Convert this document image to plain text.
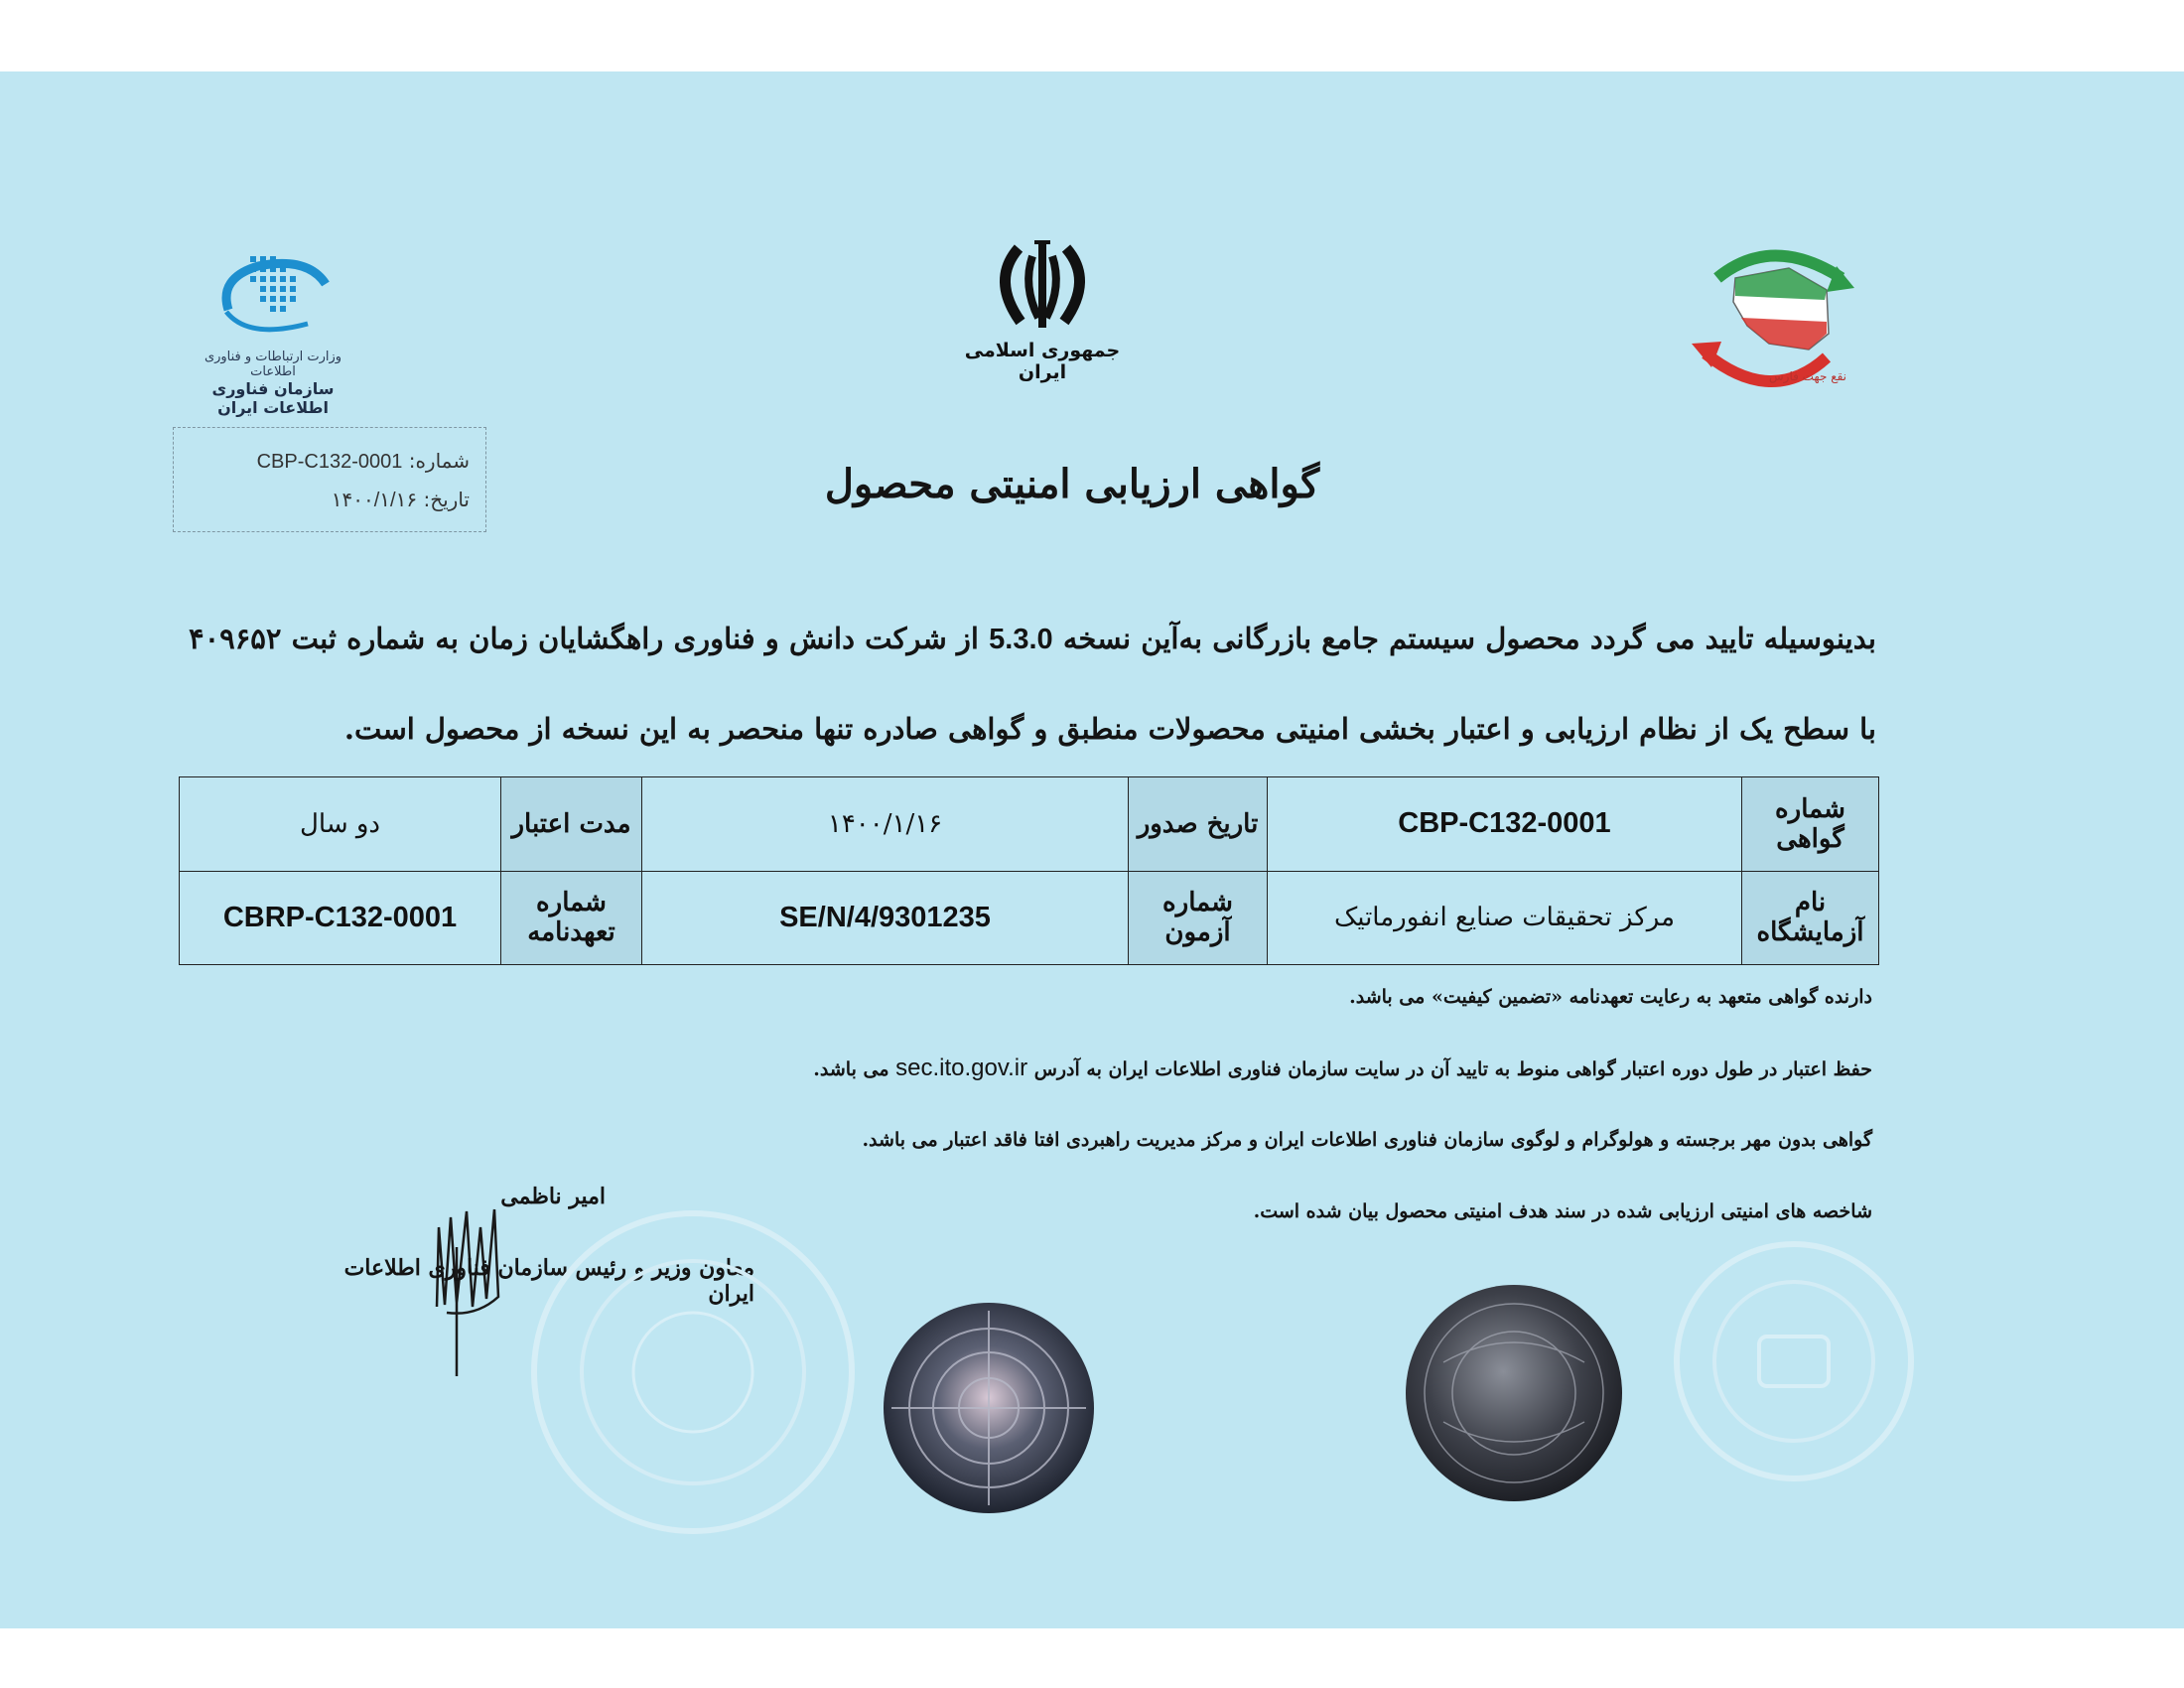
وزارت ارتباطات و فناوری اطلاعات
سازمان فناوری اطلاعات ایران
جمهوری اسلامی ایران	نقع جهت فارس
شماره: CBP-C132-0001
تاریخ: ۱۴۰۰/۱/۱۶	گواهی ارزیابی امنیتی محصول
بدینوسیله تایید می گردد محصول سیستم جامع بازرگانی به‌آین نسخه 5.3.0 از شرکت دانش و فناوری راهگشایان زمان به شماره ثبت ۴۰۹۶۵۲ با سطح یک از نظام ارزیابی و اعتبار بخشی امنیتی محصولات منطبق و گواهی صادره تنها منحصر به این نسخه از محصول است.
شماره گواهی	CBP-C132-0001	تاریخ صدور	۱۴۰۰/۱/۱۶	مدت اعتبار	دو سال
نام آزمایشگاه	مرکز تحقیقات صنایع انفورماتیک	شماره آزمون	9301235/SE/N/4	شماره تعهدنامه	CBRP-C132-0001
دارنده گواهی متعهد به رعایت تعهدنامه «تضمین کیفیت» می باشد.
حفظ اعتبار در طول دوره اعتبار گواهی منوط به تایید آن در سایت سازمان فناوری اطلاعات ایران به آدرس sec.ito.gov.ir می باشد.
گواهی بدون مهر برجسته و هولوگرام و لوگوی سازمان فناوری اطلاعات ایران و مرکز مدیریت راهبردی افتا فاقد اعتبار می باشد.
شاخصه های امنیتی ارزیابی شده در سند هدف امنیتی محصول بیان شده است.
امیر ناظمی
معاون وزیر و رئیس سازمان فناوری اطلاعات ایران
